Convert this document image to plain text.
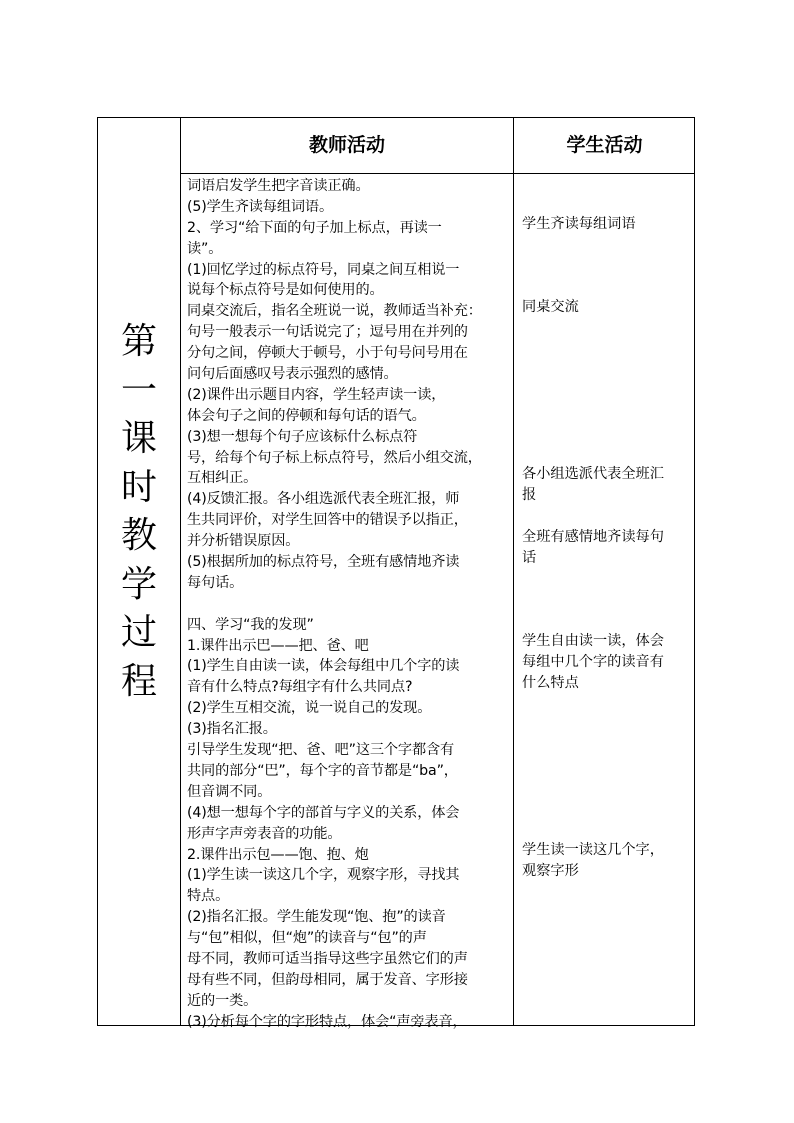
第
一
课
时
教
学
过
程
教师活动	学生活动
词语启发学生把字音读正确。
(5)学生齐读每组词语。
2、学习“给下面的句子加上标点，再读一
读”。
(1)回忆学过的标点符号，同桌之间互相说一
说每个标点符号是如何使用的。
同桌交流后，指名全班说一说，教师适当补充：
句号一般表示一句话说完了；逗号用在并列的
分句之间，停顿大于顿号，小于句号问号用在
问句后面感叹号表示强烈的感情。
(2)课件出示题目内容，学生轻声读一读，
体会句子之间的停顿和每句话的语气。
(3)想一想每个句子应该标什么标点符
号，给每个句子标上标点符号，然后小组交流，
互相纠正。
(4)反馈汇报。各小组选派代表全班汇报，师
生共同评价，对学生回答中的错误予以指正，
并分析错误原因。
(5)根据所加的标点符号，全班有感情地齐读
每句话。
四、学习“我的发现”
1.课件出示巴——把、爸、吧
(1)学生自由读一读，体会每组中几个字的读
音有什么特点?每组字有什么共同点?
(2)学生互相交流，说一说自己的发现。
(3)指名汇报。
引导学生发现“把、爸、吧”这三个字都含有
共同的部分“巴”，每个字的音节都是“ba”，
但音调不同。
(4)想一想每个字的部首与字义的关系，体会
形声字声旁表音的功能。
2.课件出示包——饱、抱、炮
(1)学生读一读这几个字，观察字形，寻找其
特点。
(2)指名汇报。学生能发现“饱、抱”的读音
与“包”相似，但“炮”的读音与“包”的声
母不同，教师可适当指导这些字虽然它们的声
母有些不同，但韵母相同，属于发音、字形接
近的一类。
(3)分析每个字的字形特点，体会“声旁表音，
学生齐读每组词语
同桌交流
各小组选派代表全班汇
报
全班有感情地齐读每句
话
学生自由读一读，体会
每组中几个字的读音有
什么特点
学生读一读这几个字，
观察字形
